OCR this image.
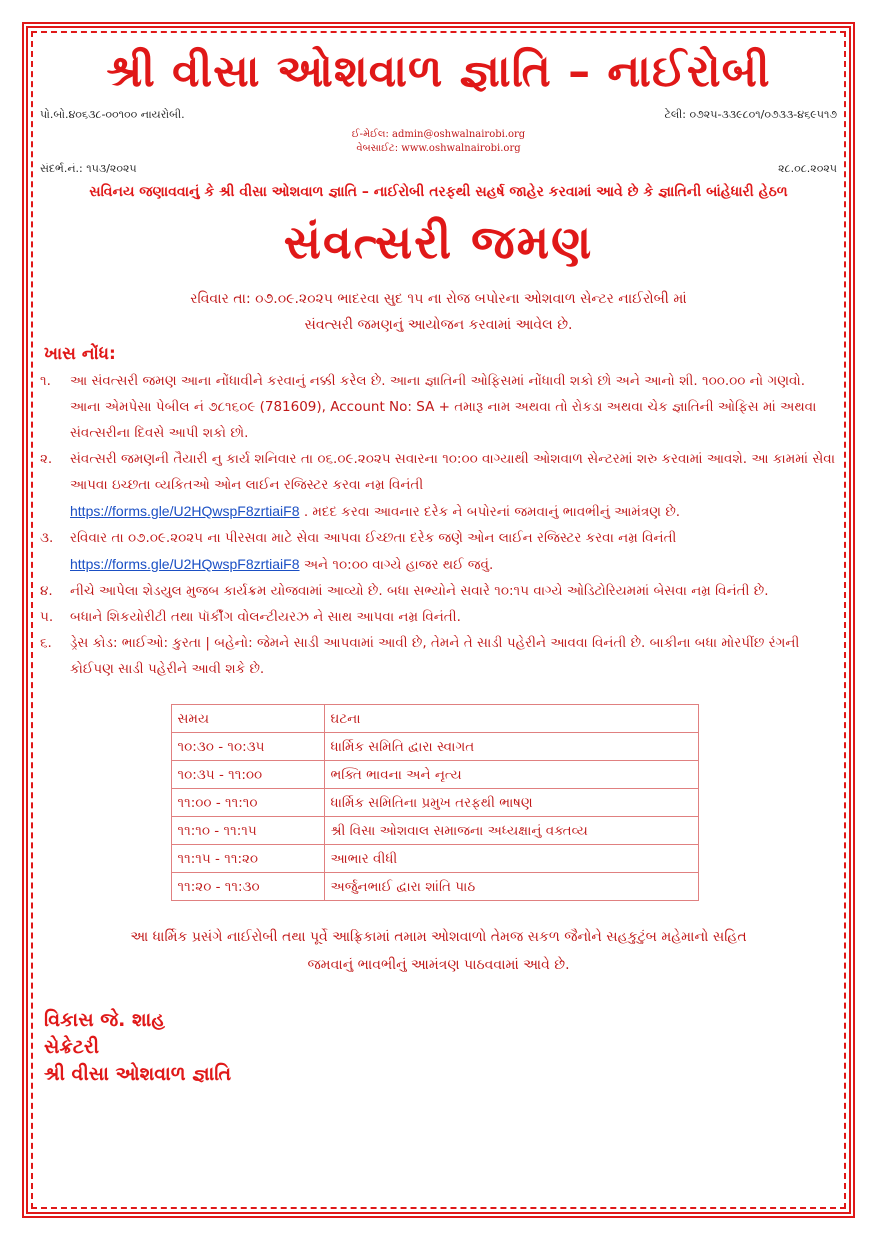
શ્રી વીસા ઓશવાળ જ્ઞાતિ – નાઈરોબી
પો.બો.૪૦૬૩૮-૦૦૧૦૦ નાયરોબી.	ટેલી: ૦૭૨૫-૩૩૯૮૦૧/૦૭૩૩-૪૬૯૫૧૭
ઈ-મેઈલ: admin@oshwalnairobi.org
વેબસાઈટ: www.oshwalnairobi.org
સંદર્ભ.નં.: ૧૫૩/૨૦૨૫	૨૮.૦૮.૨૦૨૫
સવિનય જણાવવાનું કે શ્રી વીસા ઓશવાળ જ્ઞાતિ – નાઈરોબી તરફથી સહર્ષ જાહેર કરવામાં આવે છે કે જ્ઞાતિની બાંહેધારી હેઠળ
સંવત્સરી જમણ
રવિવાર તા: ૦૭.૦૯.૨૦૨૫ ભાદરવા સુદ ૧૫ ના રોજ બપોરના ઓશવાળ સેન્ટર નાઈરોબી માં
સંવત્સરી જમણનું આયોજન કરવામાં આવેલ છે.
ખાસ નોંધ:
૧.	આ સંવત્સરી જમણ આના નોંધાવીને કરવાનું નક્કી કરેલ છે. આના જ્ઞાતિની ઓફિસમાં નોંધાવી શકો છો અને આનો શી. ૧૦૦.૦૦ નો ગણવો. આના એમપેસા પેબીલ નં ૭૮૧૬૦૯ (781609), Account No: SA + તમારૂ નામ અથવા તો રોકડા અથવા ચેક જ્ઞાતિની ઓફિસ માં અથવા સંવત્સરીના દિવસે આપી શકો છો.
૨.	સંવત્સરી જમણની તૈયારી નુ કાર્ય શનિવાર તા ૦૬.૦૯.૨૦૨૫ સવારના ૧૦:૦૦ વાગ્યાથી ઓશવાળ સેન્ટરમાં શરુ કરવામાં આવશે. આ કામમાં સેવા આપવા ઇચ્છતા વ્યકિતઓ ઓન લાઈન રજિસ્ટર કરવા નમ્ર વિનંતી
https://forms.gle/U2HQwspF8zrtiaiF8 . મદદ કરવા આવનાર દરેક ને બપોરનાં જમવાનું ભાવભીનું આમંત્રણ છે.
૩.	રવિવાર તા ૦૭.૦૯.૨૦૨૫ ના પીરસવા માટે સેવા આપવા ઈચ્છતા દરેક જણે ઓન લાઈન રજિસ્ટર કરવા નમ્ર વિનંતી https://forms.gle/U2HQwspF8zrtiaiF8 અને ૧૦:૦૦ વાગ્યે હાજર થઈ જવું.
૪.	નીચે આપેલા શેડયુલ મુજબ કાર્યક્રમ યોજવામાં આવ્યો છે. બધા સભ્યોને સવારે ૧૦:૧૫ વાગ્યે ઓડિટોરિયમમાં બેસવા નમ્ર વિનંતી છે.
૫.	બધાને શિકયોરીટી તથા પૉર્કીંગ વોલન્ટીયરઝ ને સાથ આપવા નમ્ર વિનંતી.
૬.	ડ્રેસ કોડ: ભાઈઓ: કુરતા | બહેનો: જેમને સાડી આપવામાં આવી છે, તેમને તે સાડી પહેરીને આવવા વિનંતી છે. બાકીના બધા મોરપીંછ રંગની કોઈપણ સાડી પહેરીને આવી શકે છે.
સમય	ઘટના
૧૦:૩૦ - ૧૦:૩૫	ધાર્મિક સમિતિ દ્વારા સ્વાગત
૧૦:૩૫ - ૧૧:૦૦	ભક્તિ ભાવના અને નૃત્ય
૧૧:૦૦ - ૧૧:૧૦	ધાર્મિક સમિતિના પ્રમુખ તરફથી ભાષણ
૧૧:૧૦ - ૧૧:૧૫	શ્રી વિસા ઓશવાલ સમાજના અધ્યક્ષાનું વક્તવ્ય
૧૧:૧૫ - ૧૧:૨૦	આભાર વીધી
૧૧:૨૦ - ૧૧:૩૦	અર્જુનભાઈ દ્વારા શાંતિ પાઠ
આ ધાર્મિક પ્રસંગે નાઈરોબી તથા પૂર્વે આફ્રિકામાં તમામ ઓશવાળો તેમજ સકળ જૈનોને સહકુટુંબ મહેમાનો સહિત
જમવાનું ભાવભીનું આમંત્રણ પાઠવવામાં આવે છે.
વિકાસ જે. શાહ
સેક્રેટરી
શ્રી વીસા ઓશવાળ જ્ઞાતિ
